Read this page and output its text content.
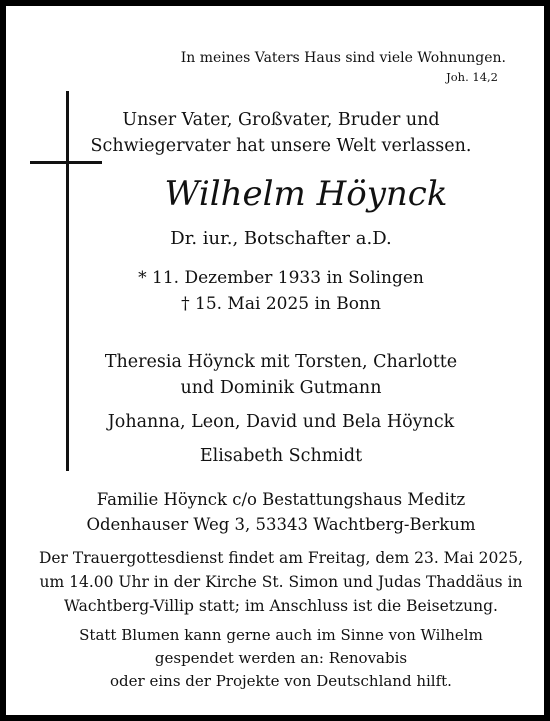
In meines Vaters Haus sind viele Wohnungen.
Joh. 14,2
Unser Vater, Großvater, Bruder und
Schwiegervater hat unsere Welt verlassen.
Wilhelm Höynck
Dr. iur., Botschafter a.D.
* 11. Dezember 1933 in Solingen
† 15. Mai 2025 in Bonn
Theresia Höynck mit Torsten, Charlotte
und Dominik Gutmann
Johanna, Leon, David und Bela Höynck
Elisabeth Schmidt
Familie Höynck c/o Bestattungshaus Meditz
Odenhauser Weg 3, 53343 Wachtberg-Berkum
Der Trauergottesdienst findet am Freitag, dem 23. Mai 2025,
um 14.00 Uhr in der Kirche St. Simon und Judas Thaddäus in
Wachtberg-Villip statt; im Anschluss ist die Beisetzung.
Statt Blumen kann gerne auch im Sinne von Wilhelm
gespendet werden an: Renovabis
oder eins der Projekte von Deutschland hilft.
